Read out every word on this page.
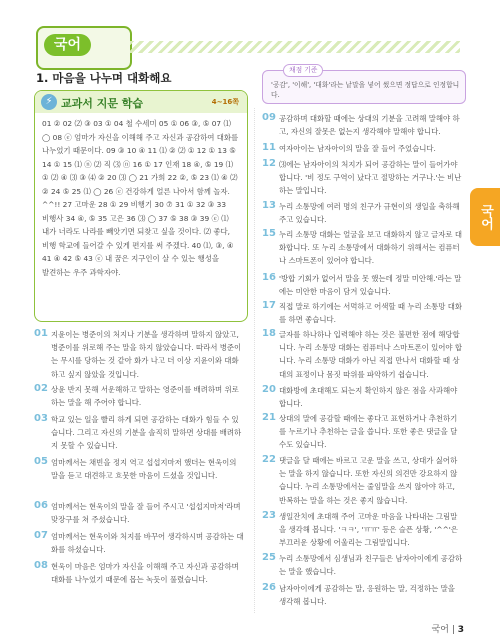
국어
국어
1. 마음을 나누며 대화해요
⚡ 교과서 지문 학습	4~16쪽
01 ② 02 ⑵ ③ 03 ① 04 철 수세미 05 ① 06 ③, ⑤ 07 ⑴ ◯ 08 ⓔ 엄마가 자신을 이해해 주고 자신과 공감하여 대화를 나누었기 때문이다. 09 ③ 10 ④ 11 ⑴ ② ⑵ ① 12 ① 13 ⑤ 14 ① 15 ⑴ ⓝ ⑵ 직 ⑶ ⓝ 16 ① 17 인재 18 ④, ⑤ 19 ⑴ ① ⑵ ④ ⑶ ③ ⑷ ② 20 ⑶ ◯ 21 가희 22 ②, ⑤ 23 ⑴ ④ ⑵ ② 24 ⑤ 25 ⑴ ◯ 26 ⓔ 건강하게 얼른 나아서 함께 놀자. ^^!! 27 고마운 28 ① 29 비행기 30 ⑦ 31 ① 32 ③ 33 비행사 34 ④, ⑤ 35 고은 36 ⑶ ◯ 37 ⑤ 38 ③ 39 ⓔ ⑴ 내가 너라도 나라를 빼앗기면 되찾고 싶을 것이다. ⑵ 좋다, 비행 학교에 들어갈 수 있게 편지를 써 주겠다. 40 ⑴, ③, ④ 41 ④ 42 ⑤ 43 ⓔ 내 꿈은 지구인이 살 수 있는 행성을 발견하는 우주 과학자야.
01 지윤이는 병준이의 처지나 기분을 생각하며 말하지 않았고, 병준이를 위로해 주는 말을 하지 않았습니다. 따라서 병준이는 무시를 당하는 것 같아 화가 나고 더 이상 지윤이와 대화하고 싶지 않았을 것입니다.
02 상윤 반지 못해 서운해하고 말하는 영준이를 배려하며 위로하는 말을 해 주어야 합니다.
03 학교 있는 일을 빨리 하게 되면 공감하는 대화가 힘들 수 있습니다. 그리고 자신의 기분을 솔직히 말하면 상대를 배려하지 못할 수 있습니다.
05 엄마께서는 채빈을 정지 역고 섭섭지마저 했더는 현욱이의 말을 듣고 대견하고 흐뭇한 마음이 드셨을 것입니다.
06 엄마께서는 현욱이의 말을 잘 들어 주시고 '섭섭지마저'라며 맞장구를 쳐 주셨습니다.
07 엄마께서는 현욱이와 처지를 바꾸어 생각하시며 공감하는 대화를 하셨습니다.
08 현욱이 마음은 엄마가 자신을 이해해 주고 자신과 공감하며 대화를 나누었기 때문에 몹는 녹듯이 풀렸습니다.
채점 기준
'공감', '이해', '대화'라는 낱말을 넣어 썼으면 정답으로 인정합니다.
09 공감하며 대화할 때에는 상대의 기분을 고려해 말해야 하고, 자신의 잘못은 없는지 생각해야 말해야 합니다.
11 여자아이는 남자아이의 말을 잘 들어 주었습니다.
12 ⑶에는 남자아이의 처지가 되어 공감하는 말이 들어가야 합니다. '비 정도 구역이 났다고 절망하는 거구나.'는 비난하는 말입니다.
13 누리 소통망에 여러 명의 친구가 규현이의 생일을 축하해 주고 있습니다.
15 누리 소통망 대화는 얼굴을 보고 대화하지 않고 글자로 대화합니다. 또 누리 소통망에서 대화하기 위해서는 컴퓨터나 스마트폰이 있어야 합니다.
16 '방합 기회가 없어서 말을 못 했는데 정말 미안해.'라는 말에는 미안한 마음이 담겨 있습니다.
17 직접 말로 하기에는 서먹하고 어색할 때 누리 소통망 대화를 하면 좋습니다.
18 글자를 하나하나 입력해야 하는 것은 불편한 점에 해당합니다. 누리 소통망 대화는 컴퓨터나 스마트폰이 있어야 합니다. 누리 소통망 대화가 아닌 직접 만나서 대화할 때 상대의 표정이나 몸짓 따위를 파악하기 쉽습니다.
20 대화방에 초대해도 되는지 확인하지 않은 점을 사과해야 합니다.
21 상대의 말에 공감할 때에는 좋다고 표현하거나 추천하기를 누르기나 추천하는 글을 씁니다. 또한 좋은 댓글을 달 수도 있습니다.
22 댓글을 달 때에는 바르고 고운 말을 쓰고, 상대가 싫어하는 말을 하지 않습니다. 또한 자신의 의견만 강요하지 않습니다. 누리 소통망에서는 줄임말을 쓰지 않아야 하고, 반복하는 말을 하는 것은 좋지 않습니다.
23 생일잔치에 초대해 주어 고마운 마음을 나타내는 그림말을 생각해 봅니다. 'ㅋㅋ', 'ㅠㅠ' 등은 슬픈 상황, '^^'은 부끄러운 상황에 어울리는 그림말입니다.
25 누리 소통망에서 심생님과 친구들은 남자아이에게 공감하는 말을 했습니다.
26 남자아이에게 공감하는 말, 응원하는 말, 걱정하는 말을 생각해 봅니다.
국어 | 3
